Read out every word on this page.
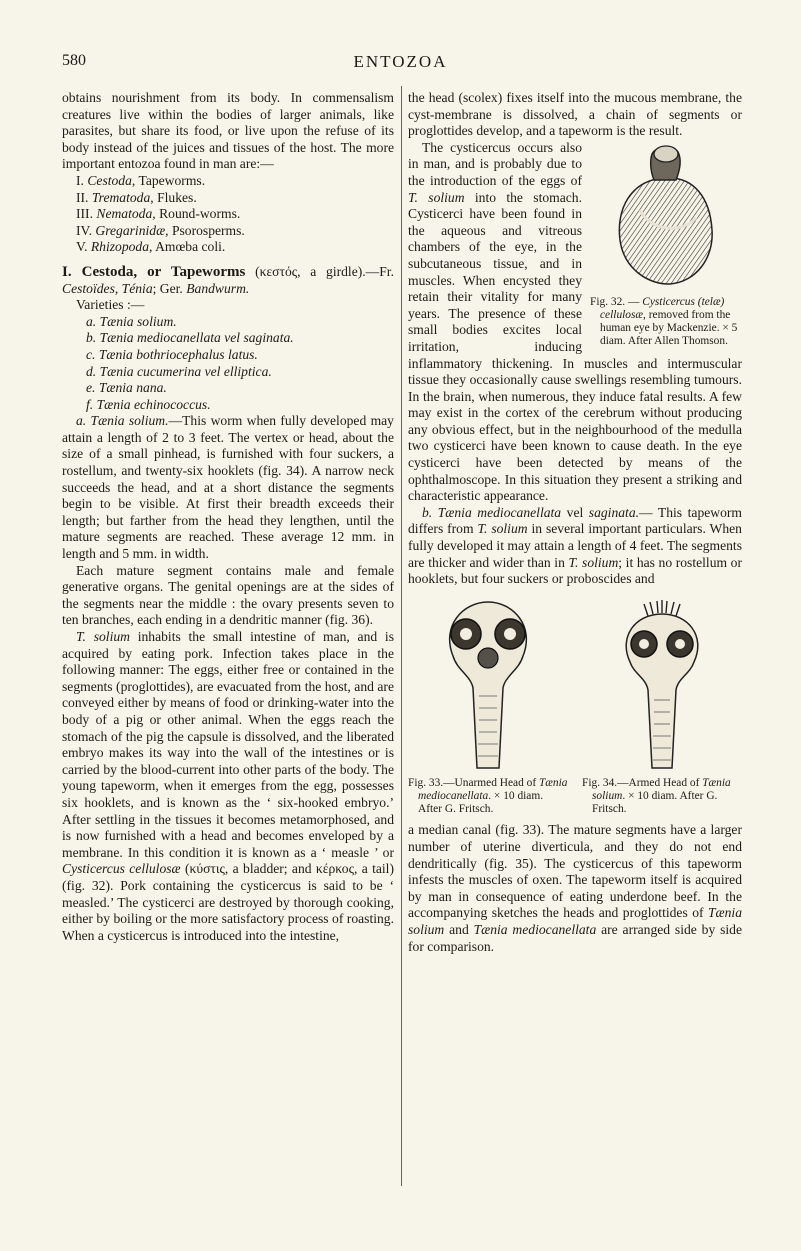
580	ENTOZOA

obtains nourishment from its body. In commensalism creatures live within the bodies of larger animals, like parasites, but share its food, or live upon the refuse of its body instead of the juices and tissues of the host. The more important entozoa found in man are:—

I. Cestoda, Tapeworms.
II. Trematoda, Flukes.
III. Nematoda, Round-worms.
IV. Gregarinidæ, Psorosperms.
V. Rhizopoda, Amœba coli.

I. Cestoda, or Tapeworms (κεστός, a girdle).—Fr. Cestoïdes, Ténia; Ger. Bandwurm.

Varieties :—

a. Tænia solium.
b. Tænia mediocanellata vel saginata.
c. Tænia bothriocephalus latus.
d. Tænia cucumerina vel elliptica.
e. Tænia nana.
f. Tænia echinococcus.

a. Tænia solium.—This worm when fully developed may attain a length of 2 to 3 feet. The vertex or head, about the size of a small pinhead, is furnished with four suckers, a rostellum, and twenty-six hooklets (fig. 34). A narrow neck succeeds the head, and at a short distance the segments begin to be visible. At first their breadth exceeds their length; but farther from the head they lengthen, until the mature segments are reached. These average 12 mm. in length and 5 mm. in width.

Each mature segment contains male and female generative organs. The genital openings are at the sides of the segments near the middle : the ovary presents seven to ten branches, each ending in a dendritic manner (fig. 36).

T. solium inhabits the small intestine of man, and is acquired by eating pork. Infection takes place in the following manner: The eggs, either free or contained in the segments (proglottides), are evacuated from the host, and are conveyed either by means of food or drinking-water into the body of a pig or other animal. When the eggs reach the stomach of the pig the capsule is dissolved, and the liberated embryo makes its way into the wall of the intestines or is carried by the blood-current into other parts of the body. The young tapeworm, when it emerges from the egg, possesses six hooklets, and is known as the ‘ six-hooked embryo.’ After settling in the tissues it becomes metamorphosed, and is now furnished with a head and becomes enveloped by a membrane. In this condition it is known as a ‘ measle ’ or Cysticercus cellulosæ (κύστις, a bladder; and κέρκος, a tail) (fig. 32). Pork containing the cysticercus is said to be ‘ measled.’ The cysticerci are destroyed by thorough cooking, either by boiling or the more satisfactory process of roasting. When a cysticercus is introduced into the intestine,

the head (scolex) fixes itself into the mucous membrane, the cyst-membrane is dissolved, a chain of segments or proglottides develop, and a tapeworm is the result.

Fig. 32. — Cysticercus (telæ) cellulosæ, removed from the human eye by Mackenzie. × 5 diam. After Allen Thomson.

The cysticercus occurs also in man, and is probably due to the introduction of the eggs of T. solium into the stomach. Cysticerci have been found in the aqueous and vitreous chambers of the eye, in the subcutaneous tissue, and in muscles. When encysted they retain their vitality for many years. The presence of these small bodies excites local irritation, inducing inflammatory thickening. In muscles and intermuscular tissue they occasionally cause swellings resembling tumours. In the brain, when numerous, they induce fatal results. A few may exist in the cortex of the cerebrum without producing any obvious effect, but in the neighbourhood of the medulla two cysticerci have been known to cause death. In the eye cysticerci have been detected by means of the ophthalmoscope. In this situation they present a striking and characteristic appearance.

b. Tænia mediocanellata vel saginata.— This tapeworm differs from T. solium in several important particulars. When fully developed it may attain a length of 4 feet. The segments are thicker and wider than in T. solium; it has no rostellum or hooklets, but four suckers or proboscides and

Fig. 33.—Unarmed Head of Tænia mediocanellata. × 10 diam. After G. Fritsch.
Fig. 34.—Armed Head of Tænia solium. × 10 diam. After G. Fritsch.

a median canal (fig. 33). The mature segments have a larger number of uterine diverticula, and they do not end dendritically (fig. 35). The cysticercus of this tapeworm infests the muscles of oxen. The tapeworm itself is acquired by man in consequence of eating underdone beef. In the accompanying sketches the heads and proglottides of Tænia solium and Tænia mediocanellata are arranged side by side for comparison.
